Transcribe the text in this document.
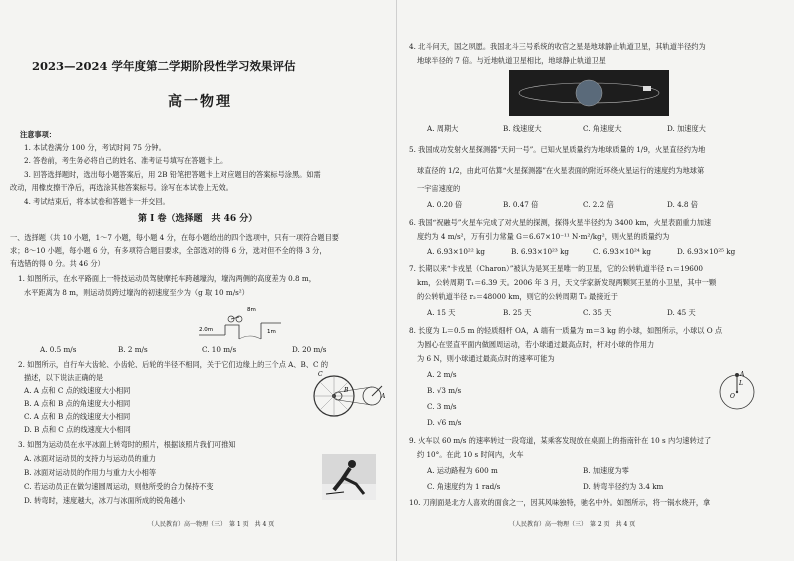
2023—2024 学年度第二学期阶段性学习效果评估
高一物理
注意事项：
1. 本试卷满分 100 分，考试时间 75 分钟。
2. 答卷前，考生务必将自己的姓名、准考证号填写在答题卡上。
3. 回答选择题时，选出每小题答案后，用 2B 铅笔把答题卡上对应题目的答案标号涂黑。如需
改动，用橡皮擦干净后，再选涂其他答案标号。涂写在本试卷上无效。
4. 考试结束后，将本试卷和答题卡一并交回。
第 Ⅰ 卷（选择题　共 46 分）
一、选择题（共 10 小题，1～7 小题，每小题 4 分，在每小题给出的四个选项中，只有一项符合题目要
求；8～10 小题，每小题 6 分，有多项符合题目要求，全部选对的得 6 分，选对但不全的得 3 分，
有选错的得 0 分。共 46 分）
1. 如图所示，在水平路面上一特技运动员驾驶摩托车跨越壕沟，壕沟两侧的高度差为 0.8 m，
水平距离为 8 m，则运动员跨过壕沟的初速度至少为（g 取 10 m/s²）
2.0m
8m
1m
A. 0.5 m/s	B. 2 m/s	C. 10 m/s	D. 20 m/s
2. 如图所示，自行车大齿轮、小齿轮、后轮的半径不相同，关于它们边缘上的三个点 A、B、C 的
描述，以下说法正确的是
A. A 点和 C 点的线速度大小相同
B. A 点和 B 点的角速度大小相同
C. A 点和 B 点的线速度大小相同
D. B 点和 C 点的线速度大小相同
C
A
B
3. 如图为运动员在水平冰面上转弯时的照片，根据该照片我们可推知
A. 冰面对运动员的支持力与运动员的重力
B. 冰面对运动员的作用力与重力大小相等
C. 若运动员正在做匀速圆周运动，则他所受的合力保持不变
D. 转弯时，速度越大，冰刀与冰面所成的锐角越小
（人民教育）高一物理（三）　第 1 页　共 4 页
4. 北斗问天，国之夙愿。我国北斗三号系统的收官之星是地球静止轨道卫星，其轨道半径约为
地球半径的 7 倍。与近地轨道卫星相比，地球静止轨道卫星
A. 周期大	B. 线速度大	C. 角速度大	D. 加速度大
5. 我国成功发射火星探测器“天问一号”。已知火星质量约为地球质量的 1/9，火星直径约为地
球直径的 1/2，由此可估算“火星探测器”在火星表面的附近环绕火星运行的速度约为地球第
一宇宙速度的
A. 0.20 倍	B. 0.47 倍	C. 2.2 倍	D. 4.8 倍
6. 我国“祝融号”火星车完成了对火星的探测，探得火星半径约为 3400 km，火星表面重力加速
度约为 4 m/s²，万有引力常量 G＝6.67×10⁻¹¹ N·m²/kg²，则火星的质量约为
A. 6.93×10²² kg	B. 6.93×10²³ kg	C. 6.93×10²⁴ kg	D. 6.93×10²⁵ kg
7. 长期以来“卡戎星（Charon）”被认为是冥王星唯一的卫星，它的公转轨道半径 r₁＝19600
km，公转周期 T₁＝6.39 天。2006 年 3 月，天文学家新发现两颗冥王星的小卫星，其中一颗
的公转轨道半径 r₂＝48000 km，则它的公转周期 T₂ 最接近于
A. 15 天	B. 25 天	C. 35 天	D. 45 天
8. 长度为 L＝0.5 m 的轻质细杆 OA，A 端有一质量为 m＝3 kg 的小球，如图所示，小球以 O 点
为圆心在竖直平面内做圆周运动，若小球通过最高点时，杆对小球的作用力
为 6 N，则小球通过最高点时的速率可能为
A. 2 m/s
B. √3 m/s
C. 3 m/s
D. √6 m/s
A
L
O
9. 火车以 60 m/s 的速率转过一段弯道，某乘客发现放在桌面上的指南针在 10 s 内匀速转过了
约 10°。在此 10 s 时间内，火车
A. 运动路程为 600 m	B. 加速度为零
C. 角速度约为 1 rad/s	D. 转弯半径约为 3.4 km
10. 刀削面是北方人喜欢的面食之一，因其风味独特，驰名中外。如图所示，将一锅水烧开，拿
（人民教育）高一物理（三）　第 2 页　共 4 页
